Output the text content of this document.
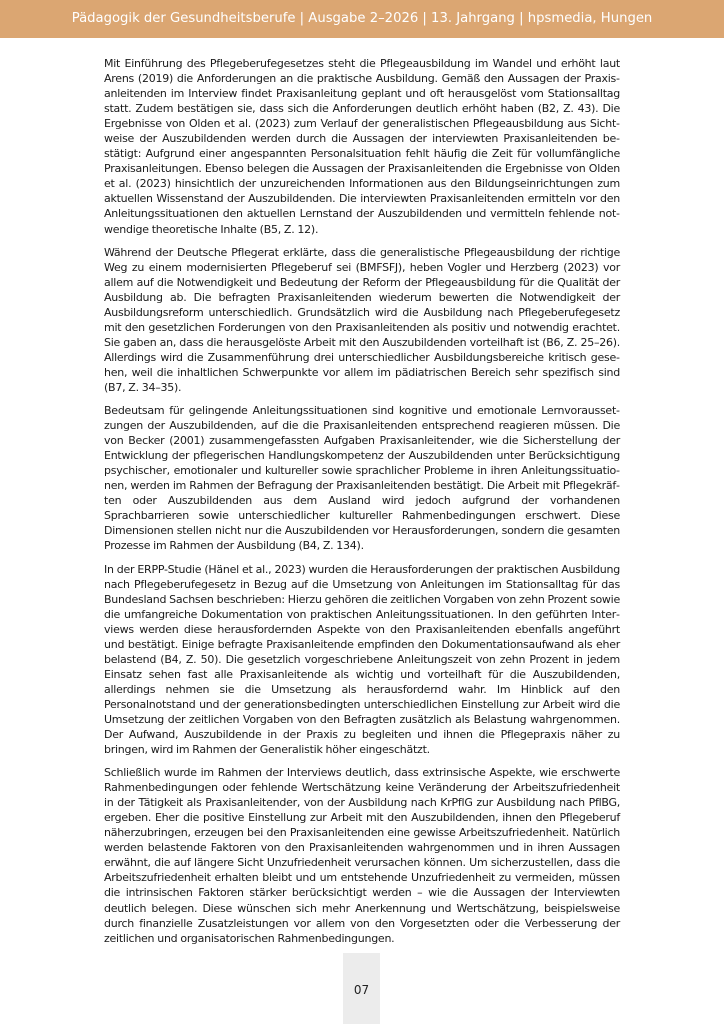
Pädagogik der Gesundheitsberufe | Ausgabe 2–2026 | 13. Jahrgang | hpsmedia, Hungen

Mit Einführung des Pflegeberufegesetzes steht die Pflegeausbildung im Wandel und erhöht laut Arens (2019) die Anforderungen an die praktische Ausbildung. Gemäß den Aussagen der Praxisanleitenden im Interview findet Praxisanleitung geplant und oft herausgelöst vom Stationsalltag statt. Zudem bestätigen sie, dass sich die Anforderungen deutlich erhöht haben (B2, Z. 43). Die Ergebnisse von Olden et al. (2023) zum Verlauf der generalistischen Pflegeausbildung aus Sichtweise der Auszubildenden werden durch die Aussagen der interviewten Praxisanleitenden bestätigt: Aufgrund einer angespannten Personalsituation fehlt häufig die Zeit für vollumfängliche Praxisanleitungen. Ebenso belegen die Aussagen der Praxisanleitenden die Ergebnisse von Olden et al. (2023) hinsichtlich der unzureichenden Informationen aus den Bildungseinrichtungen zum aktuellen Wissenstand der Auszubildenden. Die interviewten Praxisanleitenden ermitteln vor den Anleitungssituationen den aktuellen Lernstand der Auszubildenden und vermitteln fehlende notwendige theoretische Inhalte (B5, Z. 12).

Während der Deutsche Pflegerat erklärte, dass die generalistische Pflegeausbildung der richtige Weg zu einem modernisierten Pflegeberuf sei (BMFSFJ), heben Vogler und Herzberg (2023) vor allem auf die Notwendigkeit und Bedeutung der Reform der Pflegeausbildung für die Qualität der Ausbildung ab. Die befragten Praxisanleitenden wiederum bewerten die Notwendigkeit der Ausbildungsreform unterschiedlich. Grundsätzlich wird die Ausbildung nach Pflegeberufegesetz mit den gesetzlichen Forderungen von den Praxisanleitenden als positiv und notwendig erachtet. Sie gaben an, dass die herausgelöste Arbeit mit den Auszubildenden vorteilhaft ist (B6, Z. 25–26). Allerdings wird die Zusammenführung drei unterschiedlicher Ausbildungsbereiche kritisch gesehen, weil die inhaltlichen Schwerpunkte vor allem im pädiatrischen Bereich sehr spezifisch sind (B7, Z. 34–35).

Bedeutsam für gelingende Anleitungssituationen sind kognitive und emotionale Lernvoraussetzungen der Auszubildenden, auf die die Praxisanleitenden entsprechend reagieren müssen. Die von Becker (2001) zusammengefassten Aufgaben Praxisanleitender, wie die Sicherstellung der Entwicklung der pflegerischen Handlungskompetenz der Auszubildenden unter Berücksichtigung psychischer, emotionaler und kultureller sowie sprachlicher Probleme in ihren Anleitungssituationen, werden im Rahmen der Befragung der Praxisanleitenden bestätigt. Die Arbeit mit Pflegekräften oder Auszubildenden aus dem Ausland wird jedoch aufgrund der vorhandenen Sprachbarrieren sowie unterschiedlicher kultureller Rahmenbedingungen erschwert. Diese Dimensionen stellen nicht nur die Auszubildenden vor Herausforderungen, sondern die gesamten Prozesse im Rahmen der Ausbildung (B4, Z. 134).

In der ERPP-Studie (Hänel et al., 2023) wurden die Herausforderungen der praktischen Ausbildung nach Pflegeberufegesetz in Bezug auf die Umsetzung von Anleitungen im Stationsalltag für das Bundesland Sachsen beschrieben: Hierzu gehören die zeitlichen Vorgaben von zehn Prozent sowie die umfangreiche Dokumentation von praktischen Anleitungssituationen. In den geführten Interviews werden diese herausfordernden Aspekte von den Praxisanleitenden ebenfalls angeführt und bestätigt. Einige befragte Praxisanleitende empfinden den Dokumentationsaufwand als eher belastend (B4, Z. 50). Die gesetzlich vorgeschriebene Anleitungszeit von zehn Prozent in jedem Einsatz sehen fast alle Praxisanleitende als wichtig und vorteilhaft für die Auszubildenden, allerdings nehmen sie die Umsetzung als herausfordernd wahr. Im Hinblick auf den Personalnotstand und der generationsbedingten unterschiedlichen Einstellung zur Arbeit wird die Umsetzung der zeitlichen Vorgaben von den Befragten zusätzlich als Belastung wahrgenommen. Der Aufwand, Auszubildende in der Praxis zu begleiten und ihnen die Pflegepraxis näher zu bringen, wird im Rahmen der Generalistik höher eingeschätzt.

Schließlich wurde im Rahmen der Interviews deutlich, dass extrinsische Aspekte, wie erschwerte Rahmenbedingungen oder fehlende Wertschätzung keine Veränderung der Arbeitszufriedenheit in der Tätigkeit als Praxisanleitender, von der Ausbildung nach KrPflG zur Ausbildung nach PflBG, ergeben. Eher die positive Einstellung zur Arbeit mit den Auszubildenden, ihnen den Pflegeberuf näherzubringen, erzeugen bei den Praxisanleitenden eine gewisse Arbeitszufriedenheit. Natürlich werden belastende Faktoren von den Praxisanleitenden wahrgenommen und in ihren Aussagen erwähnt, die auf längere Sicht Unzufriedenheit verursachen können. Um sicherzustellen, dass die Arbeitszufriedenheit erhalten bleibt und um entstehende Unzufriedenheit zu vermeiden, müssen die intrinsischen Faktoren stärker berücksichtigt werden – wie die Aussagen der Interviewten deutlich belegen. Diese wünschen sich mehr Anerkennung und Wertschätzung, beispielsweise durch finanzielle Zusatzleistungen vor allem von den Vorgesetzten oder die Verbesserung der zeitlichen und organisatorischen Rahmenbedingungen.

07
